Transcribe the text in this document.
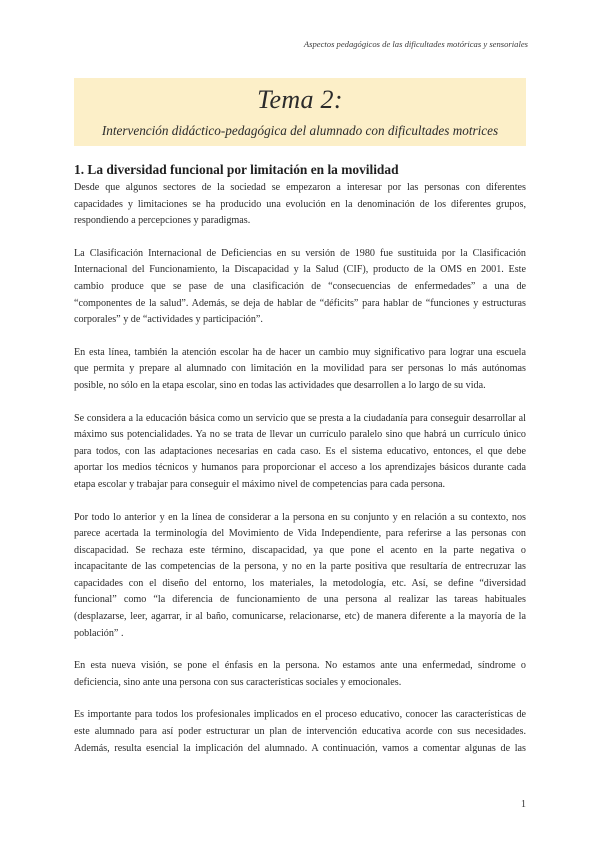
Aspectos pedagógicos de las dificultades motóricas y sensoriales
Tema 2:
Intervención didáctico-pedagógica del alumnado con dificultades motrices
1. La diversidad funcional por limitación en la movilidad
Desde que algunos sectores de la sociedad se empezaron a interesar por las personas con diferentes
capacidades y limitaciones se ha producido una evolución en la denominación de los diferentes grupos,
respondiendo a percepciones y paradigmas.
La Clasificación Internacional de Deficiencias en su versión de 1980 fue sustituida por la Clasificación
Internacional del Funcionamiento, la Discapacidad y la Salud (CIF), producto de la OMS en 2001. Este
cambio produce que se pase de una clasificación de “consecuencias de enfermedades” a una de
“componentes de la salud”. Además, se deja de hablar de “déficits” para hablar de “funciones y estructuras
corporales” y de “actividades y participación”.
En esta línea, también la atención escolar ha de hacer un cambio muy significativo para lograr una escuela
que permita y prepare al alumnado con limitación en la movilidad para ser personas lo más autónomas
posible, no sólo en la etapa escolar, sino en todas las actividades que desarrollen a lo largo de su vida.
Se considera a la educación básica como un servicio que se presta a la ciudadanía para conseguir desarrollar al
máximo sus potencialidades. Ya no se trata de llevar un currículo paralelo sino que habrá un currículo único
para todos, con las adaptaciones necesarias en cada caso. Es el sistema educativo, entonces, el que debe
aportar los medios técnicos y humanos para proporcionar el acceso a los aprendizajes básicos durante cada
etapa escolar y trabajar para conseguir el máximo nivel de competencias para cada persona.
Por todo lo anterior y en la línea de considerar a la persona en su conjunto y en relación a su contexto, nos
parece acertada la terminología del Movimiento de Vida Independiente, para referirse a las personas con
discapacidad. Se rechaza este término, discapacidad, ya que pone el acento en la parte negativa o
incapacitante de las competencias de la persona, y no en la parte positiva que resultaría de entrecruzar las
capacidades con el diseño del entorno, los materiales, la metodología, etc. Así, se define “diversidad
funcional” como “la diferencia de funcionamiento de una persona al realizar las tareas habituales
(desplazarse, leer, agarrar, ir al baño, comunicarse, relacionarse, etc) de manera diferente a la mayoría de la
población” .
En esta nueva visión, se pone el énfasis en la persona. No estamos ante una enfermedad, síndrome o
deficiencia, sino ante una persona con sus características sociales y emocionales.
Es importante para todos los profesionales implicados en el proceso educativo, conocer las características de
este alumnado para así poder estructurar un plan de intervención educativa acorde con sus necesidades.
Además, resulta esencial la implicación del alumnado. A continuación, vamos a comentar algunas de las
1
